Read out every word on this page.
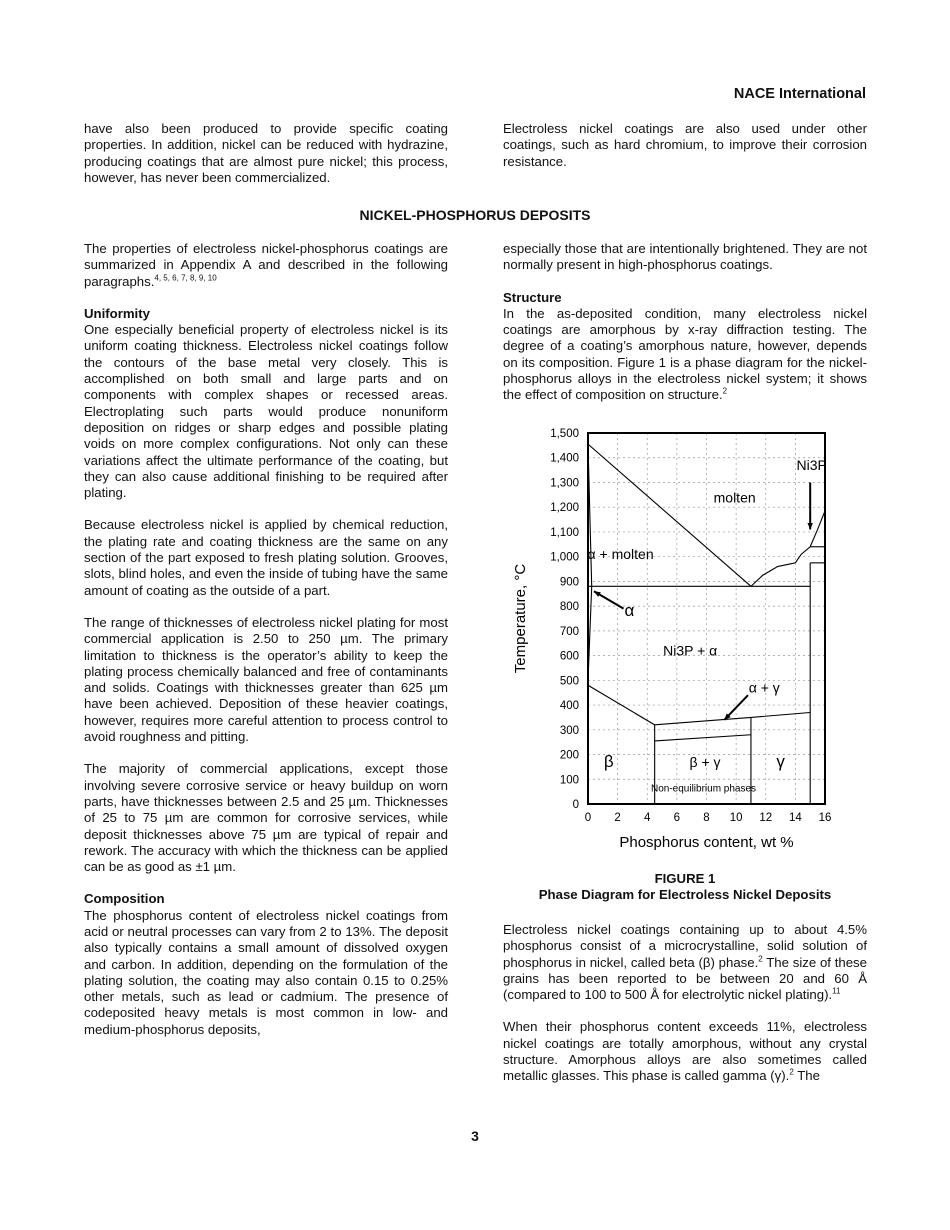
NACE International
have also been produced to provide specific coating properties. In addition, nickel can be reduced with hydrazine, producing coatings that are almost pure nickel; this process, however, has never been commercialized.
Electroless nickel coatings are also used under other coatings, such as hard chromium, to improve their corrosion resistance.
NICKEL-PHOSPHORUS DEPOSITS

The properties of electroless nickel-phosphorus coatings are summarized in Appendix A and described in the following paragraphs.$^{4, 5, 6, 7, 8, 9, 10}$

Uniformity
One especially beneficial property of electroless nickel is its uniform coating thickness. Electroless nickel coatings follow the contours of the base metal very closely. This is accomplished on both small and large parts and on components with complex shapes or recessed areas. Electroplating such parts would produce nonuniform deposition on ridges or sharp edges and possible plating voids on more complex configurations. Not only can these variations affect the ultimate performance of the coating, but they can also cause additional finishing to be required after plating.

Because electroless nickel is applied by chemical reduction, the plating rate and coating thickness are the same on any section of the part exposed to fresh plating solution. Grooves, slots, blind holes, and even the inside of tubing have the same amount of coating as the outside of a part.

The range of thicknesses of electroless nickel plating for most commercial application is 2.50 to 250 µm. The primary limitation to thickness is the operator’s ability to keep the plating process chemically balanced and free of contaminants and solids. Coatings with thicknesses greater than 625 µm have been achieved. Deposition of these heavier coatings, however, requires more careful attention to process control to avoid roughness and pitting.

The majority of commercial applications, except those involving severe corrosive service or heavy buildup on worn parts, have thicknesses between 2.5 and 25 µm. Thicknesses of 25 to 75 µm are common for corrosive services, while deposit thicknesses above 75 µm are typical of repair and rework. The accuracy with which the thickness can be applied can be as good as ±1 µm.

Composition
The phosphorus content of electroless nickel coatings from acid or neutral processes can vary from 2 to 13%. The deposit also typically contains a small amount of dissolved oxygen and carbon. In addition, depending on the formulation of the plating solution, the coating may also contain 0.15 to 0.25% other metals, such as lead or cadmium. The presence of codeposited heavy metals is most common in low- and medium-phosphorus deposits,

especially those that are intentionally brightened. They are not normally present in high-phosphorus coatings.

Structure
In the as-deposited condition, many electroless nickel coatings are amorphous by x-ray diffraction testing. The degree of a coating’s amorphous nature, however, depends on its composition. Figure 1 is a phase diagram for the nickel-phosphorus alloys in the electroless nickel system; it shows the effect of composition on structure.$^2$

0
100
200
300
400
500
600
700
800
900
1,000
1,100
1,200
1,300
1,400
1,500
0 2 4 6 8 10 12 14 16
molten
α + molten
α
Ni3P + α
α + γ
β	β + γ	γ
Non-equilibrium phases
Ni3P
Temperature, °C
Phosphorus content, wt %
FIGURE 1
Phase Diagram for Electroless Nickel Deposits

Electroless nickel coatings containing up to about 4.5% phosphorus consist of a microcrystalline, solid solution of phosphorus in nickel, called beta (β) phase.$^2$ The size of these grains has been reported to be between 20 and 60 Å (compared to 100 to 500 Å for electrolytic nickel plating).$^{11}$

When their phosphorus content exceeds 11%, electroless nickel coatings are totally amorphous, without any crystal structure. Amorphous alloys are also sometimes called metallic glasses. This phase is called gamma (γ).$^2$ The

3
